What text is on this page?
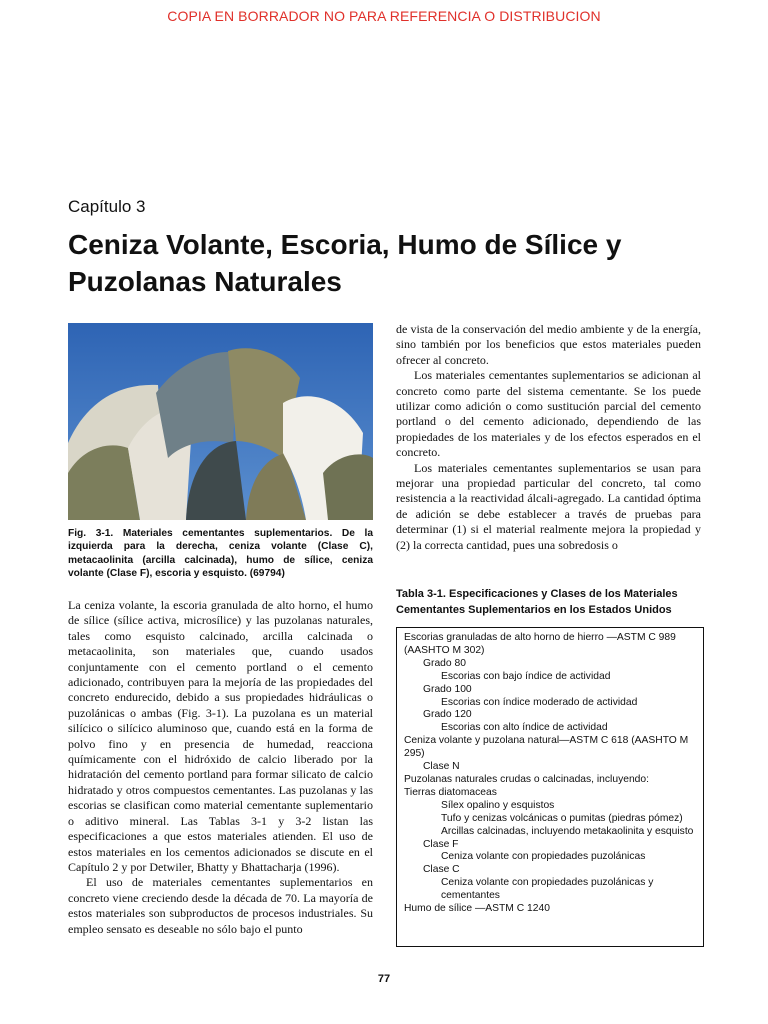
COPIA EN BORRADOR NO PARA REFERENCIA O DISTRIBUCION
Capítulo 3
Ceniza Volante, Escoria, Humo de Sílice y Puzolanas Naturales

Fig. 3-1. Materiales cementantes suplementarios. De la izquierda para la derecha, ceniza volante (Clase C), metacaolinita (arcilla calcinada), humo de sílice, ceniza volante (Clase F), escoria y esquisto. (69794)

La ceniza volante, la escoria granulada de alto horno, el humo de sílice (sílice activa, microsílice) y las puzolanas naturales, tales como esquisto calcinado, arcilla calcinada o metacaolinita, son materiales que, cuando usados conjuntamente con el cemento portland o el cemento adicionado, contribuyen para la mejoría de las propiedades del concreto endurecido, debido a sus propiedades hidráulicas o puzolánicas o ambas (Fig. 3-1). La puzolana es un material silícico o silícico aluminoso que, cuando está en la forma de polvo fino y en presencia de humedad, reacciona químicamente con el hidróxido de calcio liberado por la hidratación del cemento portland para formar silicato de calcio hidratado y otros compuestos cementantes. Las puzolanas y las escorias se clasifican como material cementante suplementario o aditivo mineral. Las Tablas 3-1 y 3-2 listan las especificaciones a que estos materiales atienden. El uso de estos materiales en los cementos adicionados se discute en el Capítulo 2 y por Detwiler, Bhatty y Bhattacharja (1996).

El uso de materiales cementantes suplementarios en concreto viene creciendo desde la década de 70. La mayoría de estos materiales son subproductos de procesos industriales. Su empleo sensato es deseable no sólo bajo el punto

de vista de la conservación del medio ambiente y de la energía, sino también por los beneficios que estos materiales pueden ofrecer al concreto.

Los materiales cementantes suplementarios se adicionan al concreto como parte del sistema cementante. Se los puede utilizar como adición o como sustitución parcial del cemento portland o del cemento adicionado, dependiendo de las propiedades de los materiales y de los efectos esperados en el concreto.

Los materiales cementantes suplementarios se usan para mejorar una propiedad particular del concreto, tal como resistencia a la reactividad álcali-agregado. La cantidad óptima de adición se debe establecer a través de pruebas para determinar (1) si el material realmente mejora la propiedad y (2) la correcta cantidad, pues una sobredosis o

Tabla 3-1. Especificaciones y Clases de los Materiales Cementantes Suplementarios en los Estados Unidos

Escorias granuladas de alto horno de hierro —ASTM C 989 (AASHTO M 302)
Grado 80
Escorias con bajo índice de actividad
Grado 100
Escorias con índice moderado de actividad
Grado 120
Escorias con alto índice de actividad
Ceniza volante y puzolana natural—ASTM C 618 (AASHTO M 295)
Clase N
Puzolanas naturales crudas o calcinadas, incluyendo:
Tierras diatomaceas
Sílex opalino y esquistos
Tufo y cenizas volcánicas o pumitas (piedras pómez)
Arcillas calcinadas, incluyendo metakaolinita y esquisto
Clase F
Ceniza volante con propiedades puzolánicas
Clase C
Ceniza volante con propiedades puzolánicas y cementantes
Humo de sílice —ASTM C 1240
77
